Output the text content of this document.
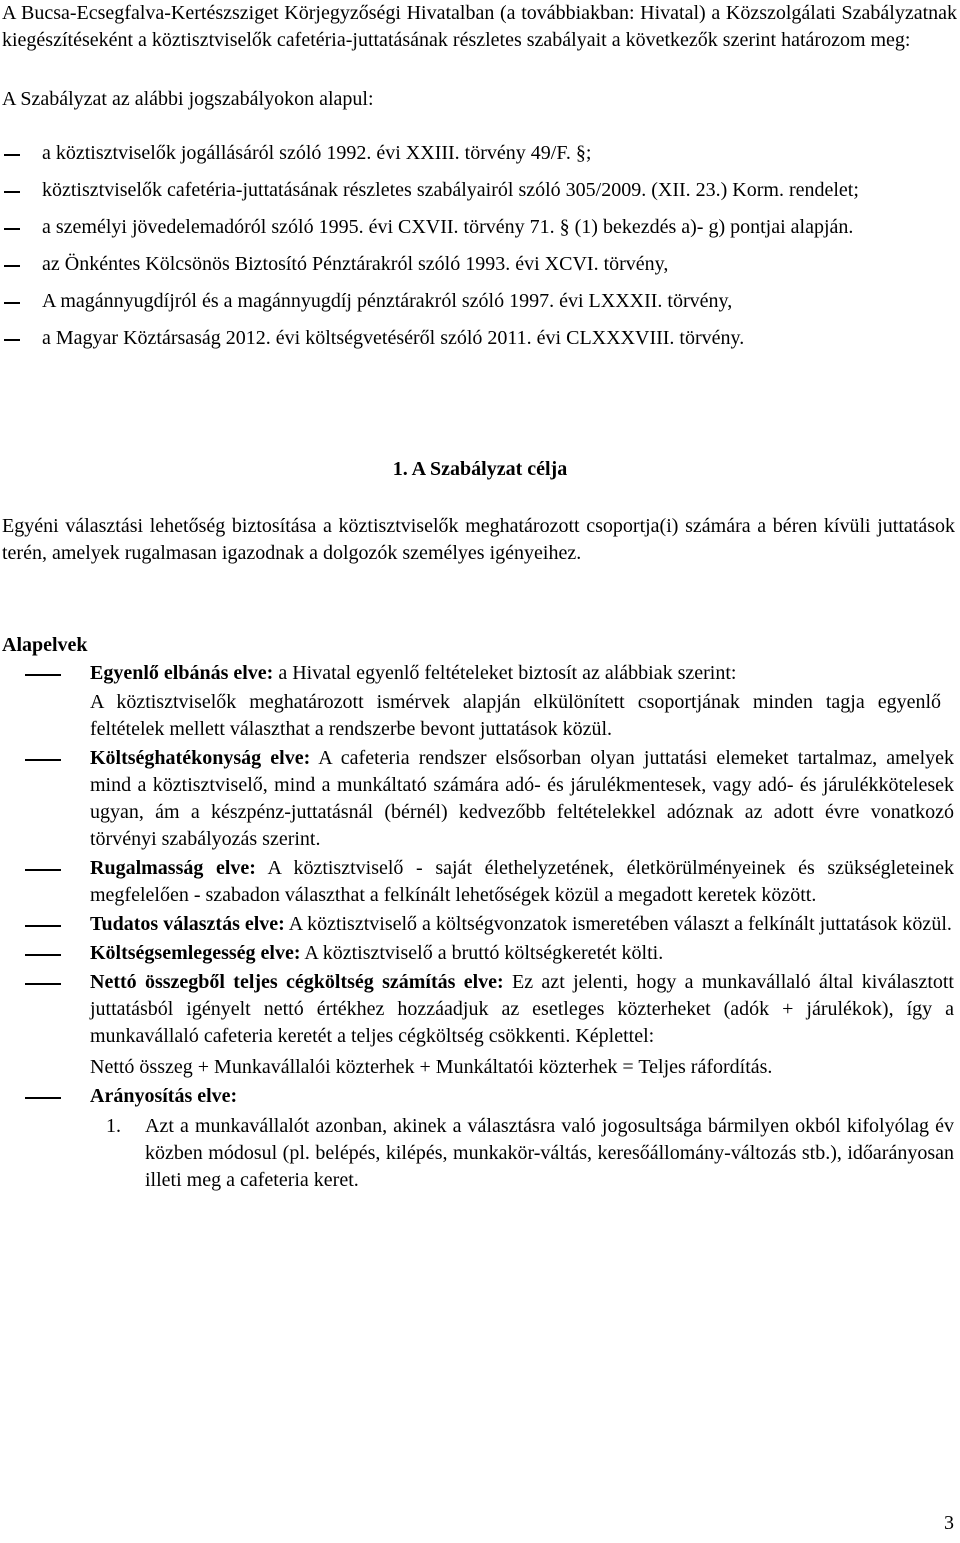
A Bucsa-Ecsegfalva-Kertészsziget Körjegyzőségi Hivatalban (a továbbiakban: Hivatal) a Közszolgálati Szabályzatnak kiegészítéseként a köztisztviselők cafetéria-juttatásának részletes szabályait a következők szerint határozom meg:

A Szabályzat az alábbi jogszabályokon alapul:

a köztisztviselők jogállásáról szóló 1992. évi XXIII. törvény 49/F. §;
köztisztviselők cafetéria-juttatásának részletes szabályairól szóló 305/2009. (XII. 23.) Korm. rendelet;
a személyi jövedelemadóról szóló 1995. évi CXVII. törvény 71. § (1) bekezdés a)- g) pontjai alapján.
az Önkéntes Kölcsönös Biztosító Pénztárakról szóló 1993. évi XCVI. törvény,
A magánnyugdíjról és a magánnyugdíj pénztárakról szóló 1997. évi LXXXII. törvény,
a Magyar Köztársaság 2012. évi költségvetéséről szóló 2011. évi CLXXXVIII. törvény.
1. A Szabályzat célja

Egyéni választási lehetőség biztosítása a köztisztviselők meghatározott csoportja(i) számára a béren kívüli juttatások terén, amelyek rugalmasan igazodnak a dolgozók személyes igényeihez.

Alapelvek
Egyenlő elbánás elve: a Hivatal egyenlő feltételeket biztosít az alábbiak szerint:
A köztisztviselők meghatározott ismérvek alapján elkülönített csoportjának minden tagja egyenlő feltételek mellett választhat a rendszerbe bevont juttatások közül.
Költséghatékonyság elve: A cafeteria rendszer elsősorban olyan juttatási elemeket tartalmaz, amelyek mind a köztisztviselő, mind a munkáltató számára adó- és járulékmentesek, vagy adó- és járulékkötelesek ugyan, ám a készpénz-juttatásnál (bérnél) kedvezőbb feltételekkel adóznak az adott évre vonatkozó törvényi szabályozás szerint.
Rugalmasság elve: A köztisztviselő - saját élethelyzetének, életkörülményeinek és szükségleteinek megfelelően - szabadon választhat a felkínált lehetőségek közül a megadott keretek között.
Tudatos választás elve: A köztisztviselő a költségvonzatok ismeretében választ a felkínált juttatások közül.
Költségsemlegesség elve: A köztisztviselő a bruttó költségkeretét költi.
Nettó összegből teljes cégköltség számítás elve: Ez azt jelenti, hogy a munkavállaló által kiválasztott juttatásból igényelt nettó értékhez hozzáadjuk az esetleges közterheket (adók + járulékok), így a munkavállaló cafeteria keretét a teljes cégköltség csökkenti. Képlettel:
Nettó összeg + Munkavállalói közterhek + Munkáltatói közterhek = Teljes ráfordítás.
Arányosítás elve:
1. Azt a munkavállalót azonban, akinek a választásra való jogosultsága bármilyen okból kifolyólag év közben módosul (pl. belépés, kilépés, munkakör-váltás, keresőállomány-változás stb.), időarányosan illeti meg a cafeteria keret.
3
